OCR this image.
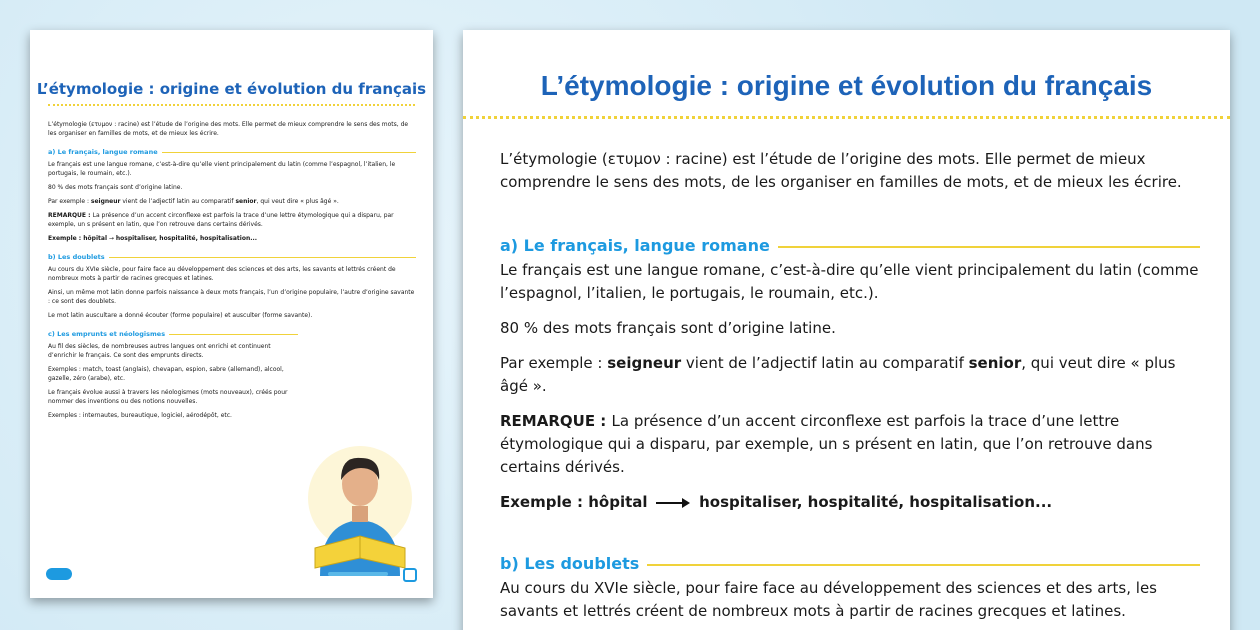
L’étymologie : origine et évolution du français

L’étymologie (ετυμον : racine) est l’étude de l’origine des mots. Elle permet de mieux comprendre le sens des mots, de les organiser en familles de mots, et de mieux les écrire.

a) Le français, langue romane

Le français est une langue romane, c’est-à-dire qu’elle vient principalement du latin (comme l’espagnol, l’italien, le portugais, le roumain, etc.).

80 % des mots français sont d’origine latine.

Par exemple : seigneur vient de l’adjectif latin au comparatif senior, qui veut dire « plus âgé ».

REMARQUE : La présence d’un accent circonflexe est parfois la trace d’une lettre étymologique qui a disparu, par exemple, un s présent en latin, que l’on retrouve dans certains dérivés.

Exemple : hôpital → hospitaliser, hospitalité, hospitalisation...

b) Les doublets

Au cours du XVIe siècle, pour faire face au développement des sciences et des arts, les savants et lettrés créent de nombreux mots à partir de racines grecques et latines.

Ainsi, un même mot latin donne parfois naissance à deux mots français, l’un d’origine populaire, l’autre d’origine savante : ce sont des doublets.

Le mot latin auscultare a donné écouter (forme populaire) et ausculter (forme savante).

c) Les emprunts et néologismes

Au fil des siècles, de nombreuses autres langues ont enrichi et continuent d’enrichir le français. Ce sont des emprunts directs.

Exemples : match, toast (anglais), chevapan, espion, sabre (allemand), alcool, gazelle, zéro (arabe), etc.

Le français évolue aussi à travers les néologismes (mots nouveaux), créés pour nommer des inventions ou des notions nouvelles.

Exemples : internautes, bureautique, logiciel, aérodépôt, etc.

L’étymologie : origine et évolution du français

L’étymologie (ετυμον : racine) est l’étude de l’origine des mots. Elle permet de mieux comprendre le sens des mots, de les organiser en familles de mots, et de mieux les écrire.

a) Le français, langue romane

Le français est une langue romane, c’est-à-dire qu’elle vient principalement du latin (comme l’espagnol, l’italien, le portugais, le roumain, etc.).

80 % des mots français sont d’origine latine.

Par exemple : seigneur vient de l’adjectif latin au comparatif senior, qui veut dire « plus âgé ».

REMARQUE : La présence d’un accent circonflexe est parfois la trace d’une lettre étymologique qui a disparu, par exemple, un s présent en latin, que l’on retrouve dans certains dérivés.

Exemple : hôpital	hospitaliser, hospitalité, hospitalisation...

b) Les doublets

Au cours du XVIe siècle, pour faire face au développement des sciences et des arts, les savants et lettrés créent de nombreux mots à partir de racines grecques et latines.
